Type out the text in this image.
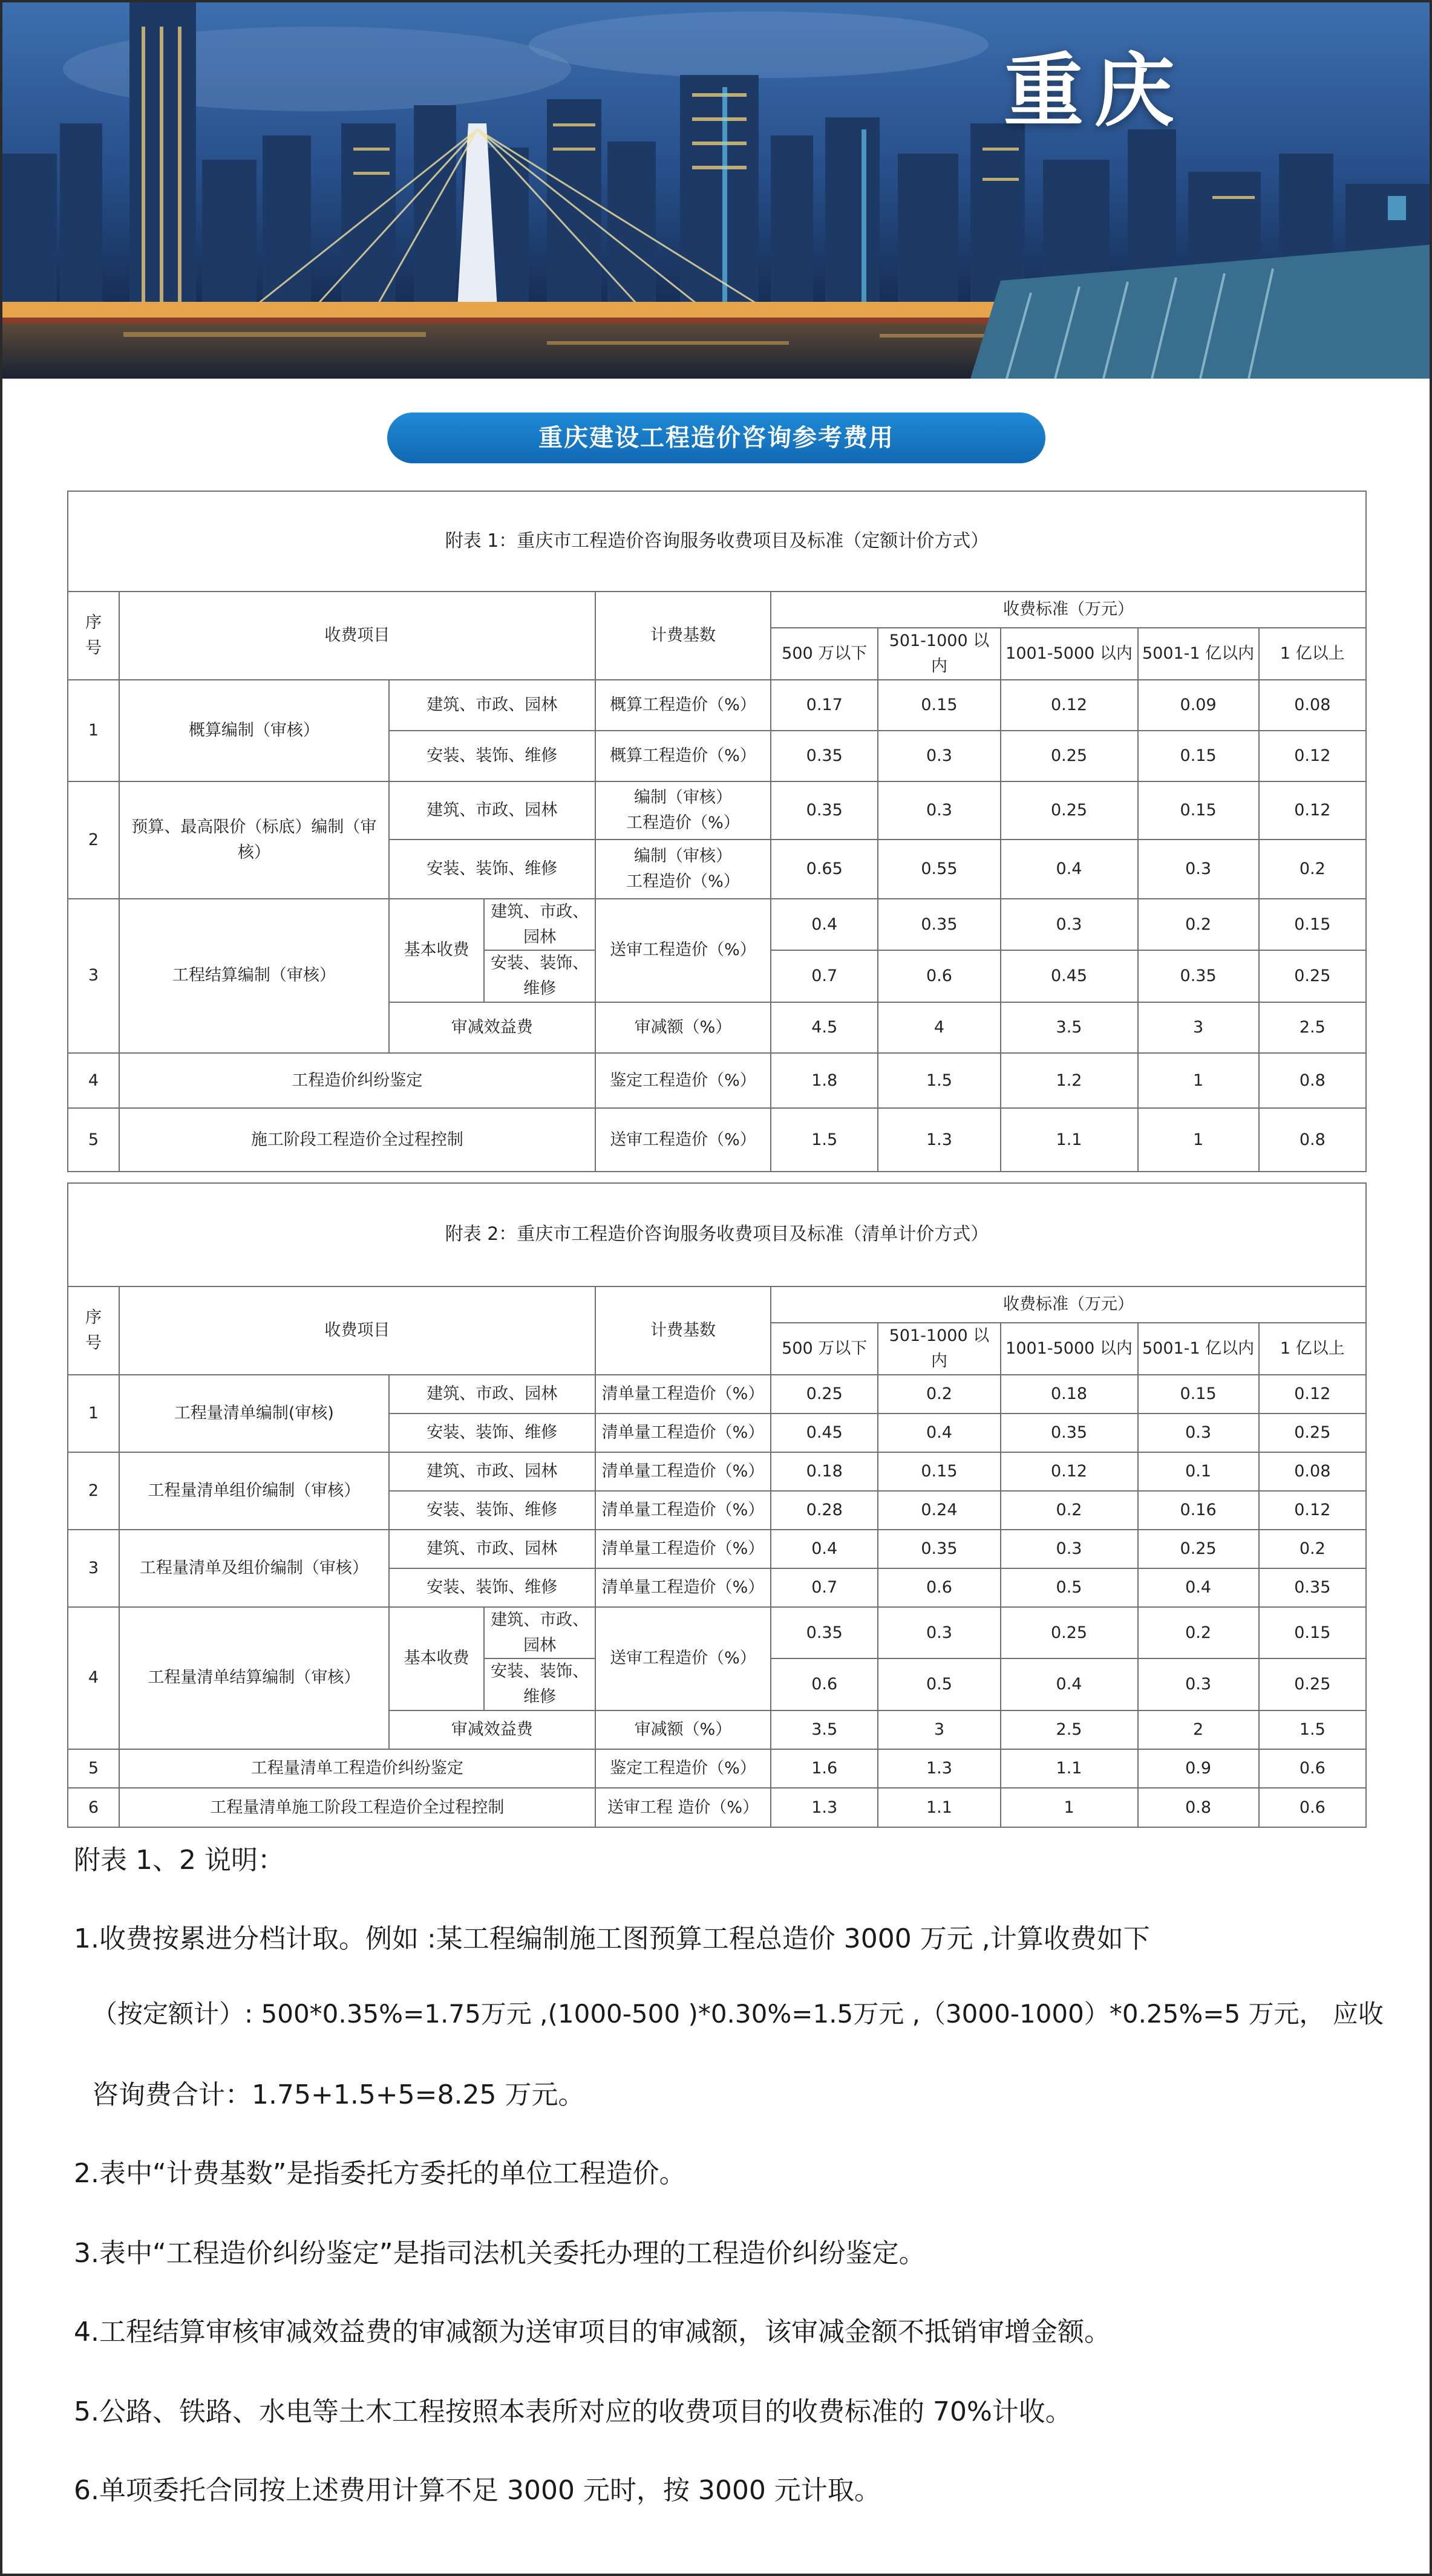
重庆
重庆建设工程造价咨询参考费用
附表 1：重庆市工程造价咨询服务收费项目及标准（定额计价方式）									
序号	收费项目			计费基数	收费标准（万元）				
					500 万以下	501-1000 以内	1001-5000 以内	5001-1 亿以内	1 亿以上
1	概算编制（审核）	建筑、市政、园林		概算工程造价（%）	0.17	0.15	0.12	0.09	0.08
		安装、装饰、维修		概算工程造价（%）	0.35	0.3	0.25	0.15	0.12
2	预算、最高限价（标底）编制（审核）	建筑、市政、园林		编制（审核）
工程造价（%）	0.35	0.3	0.25	0.15	0.12
		安装、装饰、维修		编制（审核）
工程造价（%）	0.65	0.55	0.4	0.3	0.2
3	工程结算编制（审核）	基本收费	建筑、市政、园林	送审工程造价（%）	0.4	0.35	0.3	0.2	0.15
			安装、装饰、维修		0.7	0.6	0.45	0.35	0.25
		审减效益费		审减额（%）	4.5	4	3.5	3	2.5
4	工程造价纠纷鉴定			鉴定工程造价（%）	1.8	1.5	1.2	1	0.8
5	施工阶段工程造价全过程控制			送审工程造价（%）	1.5	1.3	1.1	1	0.8
附表 2：重庆市工程造价咨询服务收费项目及标准（清单计价方式）									
序号	收费项目			计费基数	收费标准（万元）				
					500 万以下	501-1000 以内	1001-5000 以内	5001-1 亿以内	1 亿以上
1	工程量清单编制(审核)	建筑、市政、园林		清单量工程造价（%）	0.25	0.2	0.18	0.15	0.12
		安装、装饰、维修		清单量工程造价（%）	0.45	0.4	0.35	0.3	0.25
2	工程量清单组价编制（审核）	建筑、市政、园林		清单量工程造价（%）	0.18	0.15	0.12	0.1	0.08
		安装、装饰、维修		清单量工程造价（%）	0.28	0.24	0.2	0.16	0.12
3	工程量清单及组价编制（审核）	建筑、市政、园林		清单量工程造价（%）	0.4	0.35	0.3	0.25	0.2
		安装、装饰、维修		清单量工程造价（%）	0.7	0.6	0.5	0.4	0.35
4	工程量清单结算编制（审核）	基本收费	建筑、市政、园林	送审工程造价（%）	0.35	0.3	0.25	0.2	0.15
			安装、装饰、维修		0.6	0.5	0.4	0.3	0.25
		审减效益费		审减额（%）	3.5	3	2.5	2	1.5
5	工程量清单工程造价纠纷鉴定			鉴定工程造价（%）	1.6	1.3	1.1	0.9	0.6
6	工程量清单施工阶段工程造价全过程控制			送审工程 造价（%）	1.3	1.1	1	0.8	0.6
附表 1、2 说明：
1.收费按累进分档计取。例如 :某工程编制施工图预算工程总造价 3000 万元 ,计算收费如下
（按定额计）: 500*0.35%=1.75万元 ,(1000-500 )*0.30%=1.5万元 ,（3000-1000）*0.25%=5 万元， 应收
咨询费合计：1.75+1.5+5=8.25 万元。
2.表中“计费基数”是指委托方委托的单位工程造价。
3.表中“工程造价纠纷鉴定”是指司法机关委托办理的工程造价纠纷鉴定。
4.工程结算审核审减效益费的审减额为送审项目的审减额，该审减金额不抵销审增金额。
5.公路、铁路、水电等土木工程按照本表所对应的收费项目的收费标准的 70%计收。
6.单项委托合同按上述费用计算不足 3000 元时，按 3000 元计取。
